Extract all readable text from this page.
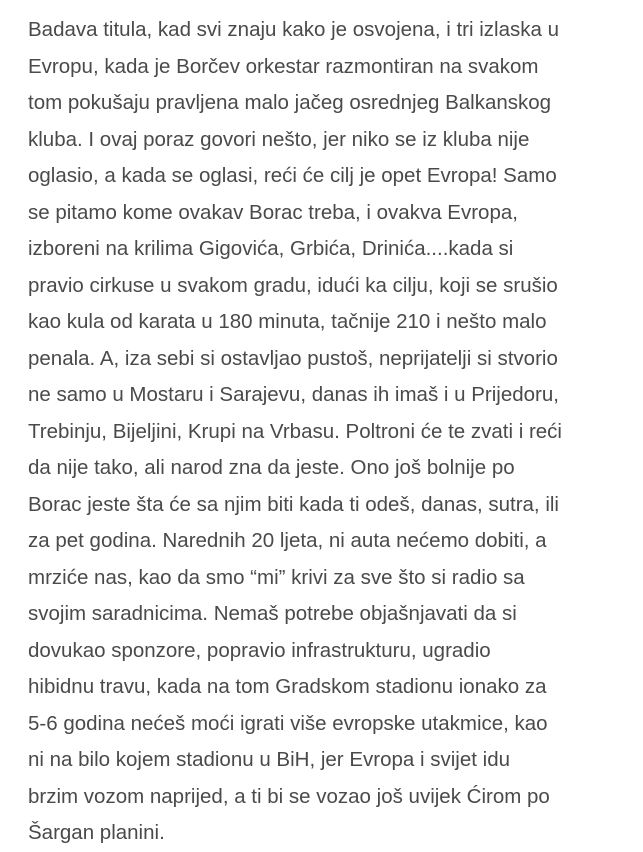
Badava titula, kad svi znaju kako je osvojena, i tri izlaska u
Evropu, kada je Borčev orkestar razmontiran na svakom
tom pokušaju pravljena malo jačeg osrednjeg Balkanskog
kluba. I ovaj poraz govori nešto, jer niko se iz kluba nije
oglasio, a kada se oglasi, reći će cilj je opet Evropa! Samo
se pitamo kome ovakav Borac treba, i ovakva Evropa,
izboreni na krilima Gigovića, Grbića, Drinića....kada si
pravio cirkuse u svakom gradu, idući ka cilju, koji se srušio
kao kula od karata u 180 minuta, tačnije 210 i nešto malo
penala. A, iza sebi si ostavljao pustoš, neprijatelji si stvorio
ne samo u Mostaru i Sarajevu, danas ih imaš i u Prijedoru,
Trebinju, Bijeljini, Krupi na Vrbasu. Poltroni će te zvati i reći
da nije tako, ali narod zna da jeste. Ono još bolnije po
Borac jeste šta će sa njim biti kada ti odeš, danas, sutra, ili
za pet godina. Narednih 20 ljeta, ni auta nećemo dobiti, a
mrziće nas, kao da smo “mi” krivi za sve što si radio sa
svojim saradnicima. Nemaš potrebe objašnjavati da si
dovukao sponzore, popravio infrastrukturu, ugradio
hibidnu travu, kada na tom Gradskom stadionu ionako za
5-6 godina nećeš moći igrati više evropske utakmice, kao
ni na bilo kojem stadionu u BiH, jer Evropa i svijet idu
brzim vozom naprijed, a ti bi se vozao još uvijek Ćirom po
Šargan planini.
